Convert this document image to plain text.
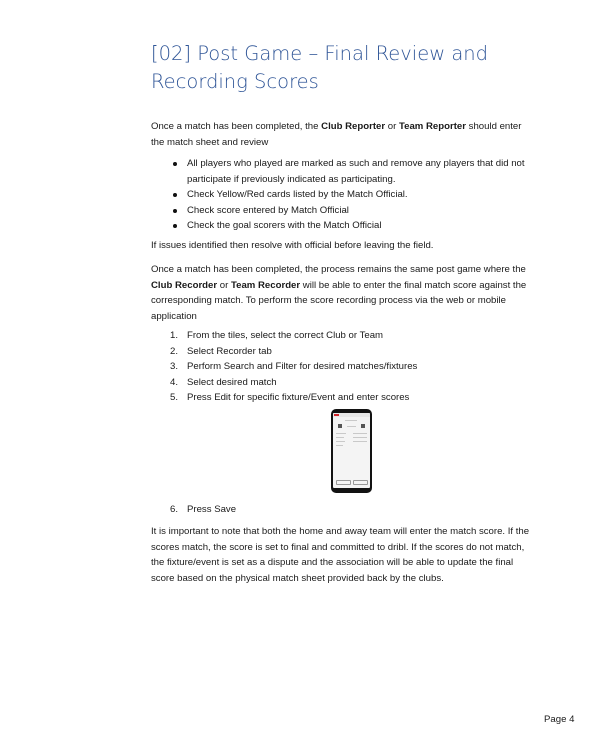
[02] Post Game – Final Review and Recording Scores

Once a match has been completed, the Club Reporter or Team Reporter should enter the match sheet and review

All players who played are marked as such and remove any players that did not participate if previously indicated as participating.
Check Yellow/Red cards listed by the Match Official.
Check score entered by Match Official
Check the goal scorers with the Match Official

If issues identified then resolve with official before leaving the field.

Once a match has been completed, the process remains the same post game where the Club Recorder or Team Recorder will be able to enter the final match score against the corresponding match. To perform the score recording process via the web or mobile application

1. From the tiles, select the correct Club or Team
2. Select Recorder tab
3. Perform Search and Filter for desired matches/fixtures
4. Select desired match
5. Press Edit for specific fixture/Event and enter scores
6. Press Save

It is important to note that both the home and away team will enter the match score. If the scores match, the score is set to final and committed to dribl. If the scores do not match, the fixture/event is set as a dispute and the association will be able to update the final score based on the physical match sheet provided back by the clubs.

Page 4
